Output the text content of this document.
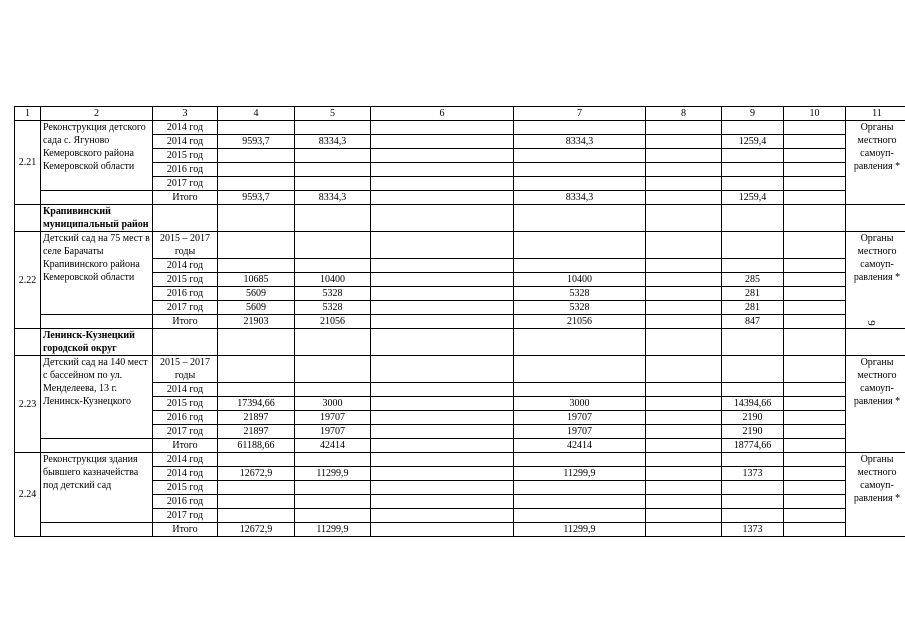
1	2	3	4	5	6	7	8	9	10	11	
2.21	Реконструкция детского сада с. Ягуново Кемеровского района Кемеровской области	2014 год								Органы местного самоуп-равления *	
		2014 год	9593,7	8334,3		8334,3		1259,4			
		2015 год									
		2016 год									
		2017 год									
		Итого	9593,7	8334,3		8334,3		1259,4			
	Крапивинский муниципальный район										
2.22	Детский сад на 75 мест в селе Барачаты Крапивинского района Кемеровской области	2015 – 2017 годы								Органы местного самоуп-равления *	
		2014 год									
		2015 год	10685	10400		10400		285			
		2016 год	5609	5328		5328		281			
		2017 год	5609	5328		5328		281			
		Итого	21903	21056		21056		847			
	Ленинск-Кузнецкий городской округ										
2.23	Детский сад на 140 мест с бассейном по ул. Менделеева, 13 г. Ленинск-Кузнецкого	2015 – 2017 годы								Органы местного самоуп-равления *	
		2014 год									
		2015 год	17394,66	3000		3000		14394,66			
		2016 год	21897	19707		19707		2190			
		2017 год	21897	19707		19707		2190			
		Итого	61188,66	42414		42414		18774,66			
2.24	Реконструкция здания бывшего казначейства под детский сад	2014 год								Органы местного самоуп-равления *	
		2014 год	12672,9	11299,9		11299,9		1373			
		2015 год									
		2016 год									
		2017 год									
		Итого	12672,9	11299,9		11299,9		1373			
9
